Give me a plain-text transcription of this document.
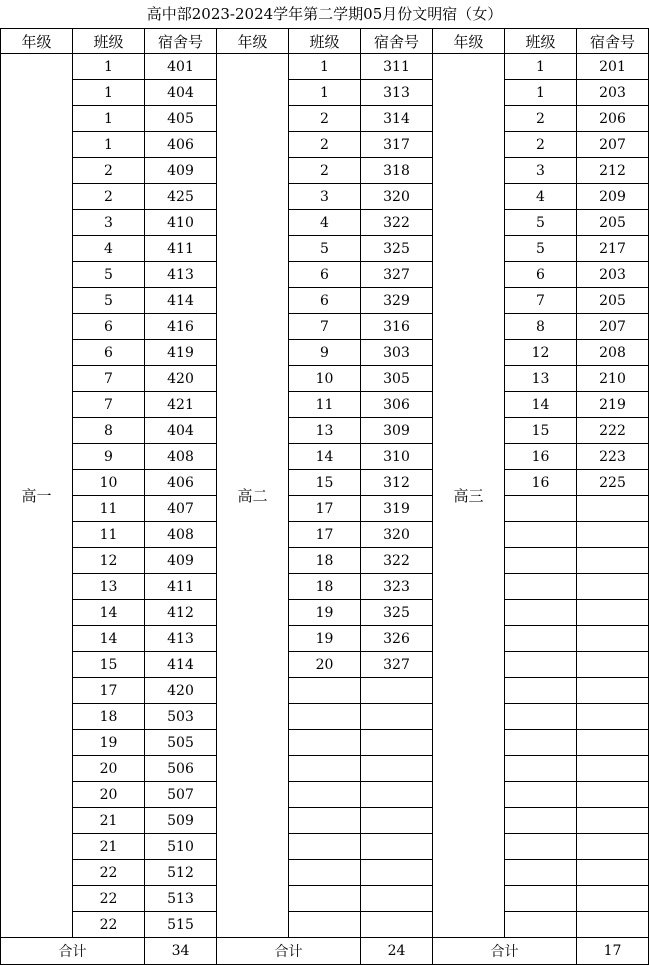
高中部2023-2024学年第二学期05月份文明宿（女）
年级	班级	宿舍号	年级	班级	宿舍号	年级	班级	宿舍号
高一	1	401	高二	1	311	高三	1	201
	1	404		1	313		1	203
	1	405		2	314		2	206
	1	406		2	317		2	207
	2	409		2	318		3	212
	2	425		3	320		4	209
	3	410		4	322		5	205
	4	411		5	325		5	217
	5	413		6	327		6	203
	5	414		6	329		7	205
	6	416		7	316		8	207
	6	419		9	303		12	208
	7	420		10	305		13	210
	7	421		11	306		14	219
	8	404		13	309		15	222
	9	408		14	310		16	223
	10	406		15	312		16	225
	11	407		17	319			
	11	408		17	320			
	12	409		18	322			
	13	411		18	323			
	14	412		19	325			
	14	413		19	326			
	15	414		20	327			
	17	420						
	18	503						
	19	505						
	20	506						
	20	507						
	21	509						
	21	510						
	22	512						
	22	513						
	22	515						
合计		34	合计		24	合计		17
